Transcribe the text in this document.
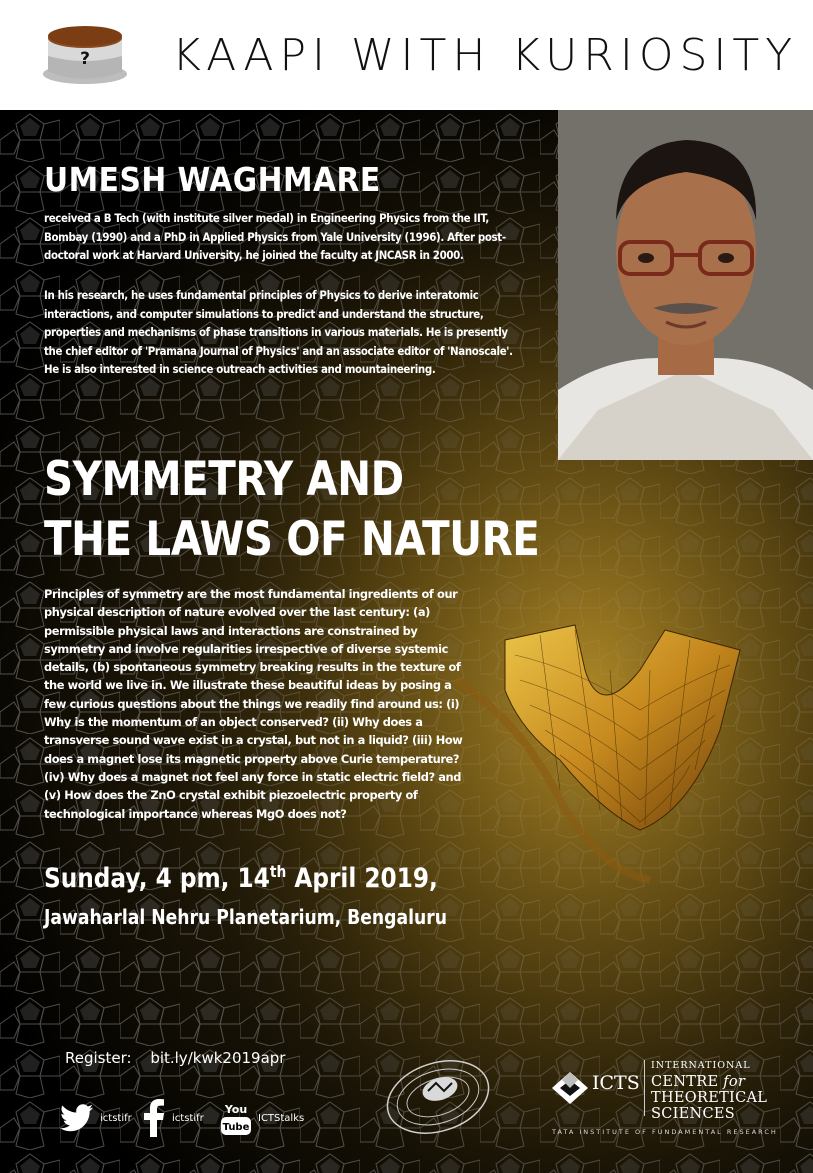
? KAAPI WITH KURIOSITY
UMESH WAGHMARE

received a B Tech (with institute silver medal) in Engineering Physics from the IIT, Bombay (1990) and a PhD in Applied Physics from Yale University (1996). After post-doctoral work at Harvard University, he joined the faculty at JNCASR in 2000.

In his research, he uses fundamental principles of Physics to derive interatomic interactions, and computer simulations to predict and understand the structure, properties and mechanisms of phase transitions in various materials. He is presently the chief editor of 'Pramana Journal of Physics' and an associate editor of 'Nanoscale'. He is also interested in science outreach activities and mountaineering.

SYMMETRY AND
THE LAWS OF NATURE

Principles of symmetry are the most fundamental ingredients of our physical description of nature evolved over the last century: (a) permissible physical laws and interactions are constrained by symmetry and involve regularities irrespective of diverse systemic details, (b) spontaneous symmetry breaking results in the texture of the world we live in. We illustrate these beautiful ideas by posing a few curious questions about the things we readily find around us: (i) Why is the momentum of an object conserved? (ii) Why does a transverse sound wave exist in a crystal, but not in a liquid? (iii) How does a magnet lose its magnetic property above Curie temperature? (iv) Why does a magnet not feel any force in static electric field? and (v) How does the ZnO crystal exhibit piezoelectric property of technological importance whereas MgO does not?

Sunday, 4 pm, 14th April 2019,
Jawaharlal Nehru Planetarium, Bengaluru
Register: bit.ly/kwk2019apr
ictstifr	ictstifr
You
Tube
ICTStalks
ICTS
INTERNATIONAL
CENTRE for
THEORETICAL
SCIENCES
TATA INSTITUTE OF FUNDAMENTAL RESEARCH
